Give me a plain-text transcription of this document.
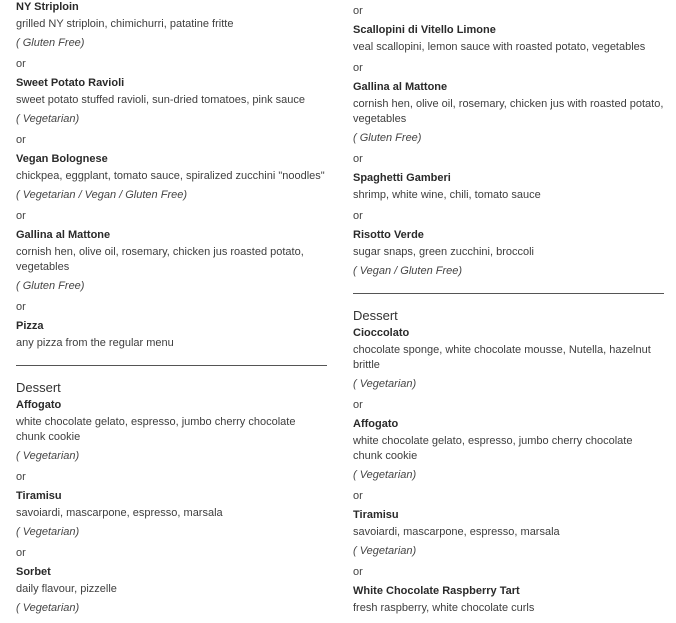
NY Striploin

grilled NY striploin, chimichurri, patatine fritte

( Gluten Free)

or

Sweet Potato Ravioli

sweet potato stuffed ravioli, sun-dried tomatoes, pink sauce

( Vegetarian)

or

Vegan Bolognese

chickpea, eggplant, tomato sauce, spiralized zucchini "noodles"

( Vegetarian / Vegan / Gluten Free)

or

Gallina al Mattone

cornish hen, olive oil, rosemary, chicken jus roasted potato, vegetables

( Gluten Free)

or

Pizza

any pizza from the regular menu

Dessert

Affogato

white chocolate gelato, espresso, jumbo cherry chocolate chunk cookie

( Vegetarian)

or

Tiramisu

savoiardi, mascarpone, espresso, marsala

( Vegetarian)

or

Sorbet

daily flavour, pizzelle

( Vegetarian)

or

Scallopini di Vitello Limone

veal scallopini, lemon sauce with roasted potato, vegetables

or

Gallina al Mattone

cornish hen, olive oil, rosemary, chicken jus with roasted potato, vegetables

( Gluten Free)

or

Spaghetti Gamberi

shrimp, white wine, chili, tomato sauce

or

Risotto Verde

sugar snaps, green zucchini, broccoli

( Vegan / Gluten Free)

Dessert

Cioccolato

chocolate sponge, white chocolate mousse, Nutella, hazelnut brittle

( Vegetarian)

or

Affogato

white chocolate gelato, espresso, jumbo cherry chocolate chunk cookie

( Vegetarian)

or

Tiramisu

savoiardi, mascarpone, espresso, marsala

( Vegetarian)

or

White Chocolate Raspberry Tart

fresh raspberry, white chocolate curls
